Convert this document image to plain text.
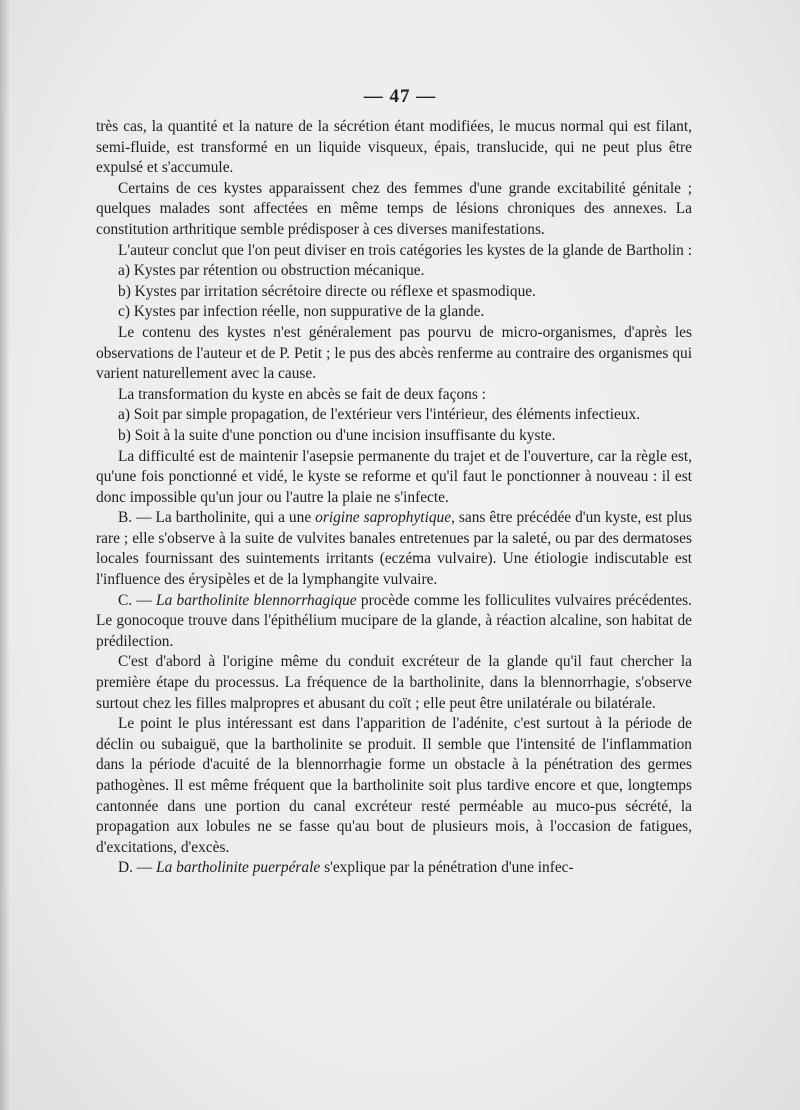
— 47 —

très cas, la quantité et la nature de la sécrétion étant modifiées, le mucus normal qui est filant, semi-fluide, est transformé en un liquide visqueux, épais, translucide, qui ne peut plus être expulsé et s'accumule.

Certains de ces kystes apparaissent chez des femmes d'une grande excitabilité génitale ; quelques malades sont affectées en même temps de lésions chroniques des annexes. La constitution arthritique semble prédisposer à ces diverses manifestations.

L'auteur conclut que l'on peut diviser en trois catégories les kystes de la glande de Bartholin :

a) Kystes par rétention ou obstruction mécanique.

b) Kystes par irritation sécrétoire directe ou réflexe et spasmodique.

c) Kystes par infection réelle, non suppurative de la glande.

Le contenu des kystes n'est généralement pas pourvu de micro-organismes, d'après les observations de l'auteur et de P. Petit ; le pus des abcès renferme au contraire des organismes qui varient naturellement avec la cause.

La transformation du kyste en abcès se fait de deux façons :

a) Soit par simple propagation, de l'extérieur vers l'intérieur, des éléments infectieux.

b) Soit à la suite d'une ponction ou d'une incision insuffisante du kyste.

La difficulté est de maintenir l'asepsie permanente du trajet et de l'ouverture, car la règle est, qu'une fois ponctionné et vidé, le kyste se reforme et qu'il faut le ponctionner à nouveau : il est donc impossible qu'un jour ou l'autre la plaie ne s'infecte.

B. — La bartholinite, qui a une origine saprophytique, sans être précédée d'un kyste, est plus rare ; elle s'observe à la suite de vulvites banales entretenues par la saleté, ou par des dermatoses locales fournissant des suintements irritants (eczéma vulvaire). Une étiologie indiscutable est l'influence des érysipèles et de la lymphangite vulvaire.

C. — La bartholinite blennorrhagique procède comme les folliculites vulvaires précédentes. Le gonocoque trouve dans l'épithélium mucipare de la glande, à réaction alcaline, son habitat de prédilection.

C'est d'abord à l'origine même du conduit excréteur de la glande qu'il faut chercher la première étape du processus. La fréquence de la bartholinite, dans la blennorrhagie, s'observe surtout chez les filles malpropres et abusant du coït ; elle peut être unilatérale ou bilatérale.

Le point le plus intéressant est dans l'apparition de l'adénite, c'est surtout à la période de déclin ou subaiguë, que la bartholinite se produit. Il semble que l'intensité de l'inflammation dans la période d'acuité de la blennorrhagie forme un obstacle à la pénétration des germes pathogènes. Il est même fréquent que la bartholinite soit plus tardive encore et que, longtemps cantonnée dans une portion du canal excréteur resté perméable au muco-pus sécrété, la propagation aux lobules ne se fasse qu'au bout de plusieurs mois, à l'occasion de fatigues, d'excitations, d'excès.

D. — La bartholinite puerpérale s'explique par la pénétration d'une infec-
